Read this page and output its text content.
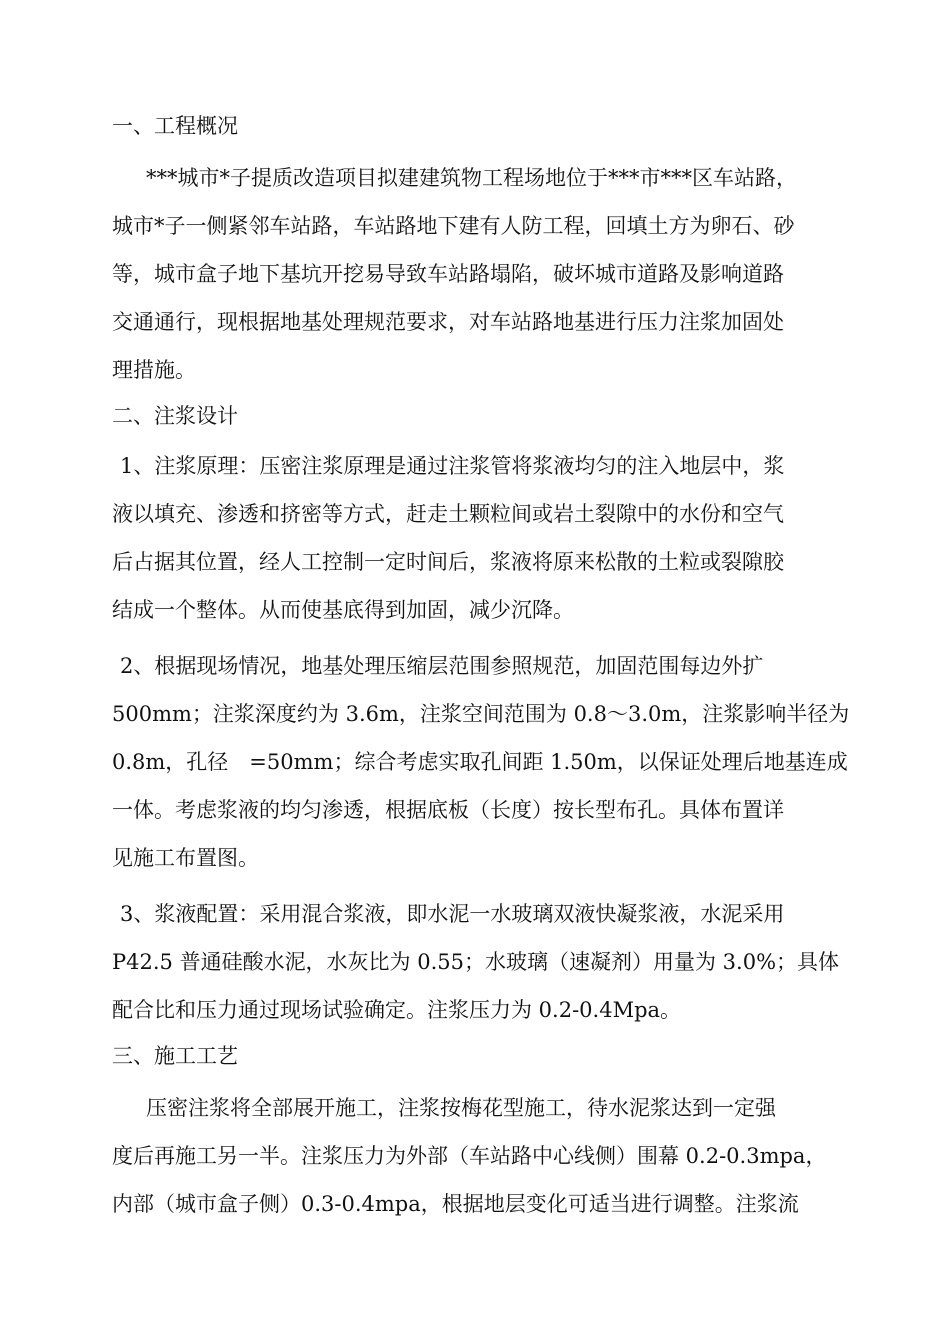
一、工程概况
***城市*子提质改造项目拟建建筑物工程场地位于***市***区车站路，
城市*子一侧紧邻车站路，车站路地下建有人防工程，回填土方为卵石、砂
等，城市盒子地下基坑开挖易导致车站路塌陷，破坏城市道路及影响道路
交通通行，现根据地基处理规范要求，对车站路地基进行压力注浆加固处
理措施。
二、注浆设计
1、注浆原理：压密注浆原理是通过注浆管将浆液均匀的注入地层中，浆
液以填充、渗透和挤密等方式，赶走土颗粒间或岩土裂隙中的水份和空气
后占据其位置，经人工控制一定时间后，浆液将原来松散的土粒或裂隙胶
结成一个整体。从而使基底得到加固，减少沉降。
2、根据现场情况，地基处理压缩层范围参照规范，加固范围每边外扩
500mm；注浆深度约为 3.6m，注浆空间范围为 0.8～3.0m，注浆影响半径为
0.8m，孔径　=50mm；综合考虑实取孔间距 1.50m，以保证处理后地基连成
一体。考虑浆液的均匀渗透，根据底板（长度）按长型布孔。具体布置详
见施工布置图。
3、浆液配置：采用混合浆液，即水泥一水玻璃双液快凝浆液，水泥采用
P42.5 普通硅酸水泥，水灰比为 0.55；水玻璃（速凝剂）用量为 3.0%；具体
配合比和压力通过现场试验确定。注浆压力为 0.2-0.4Mpa。
三、施工工艺
压密注浆将全部展开施工，注浆按梅花型施工，待水泥浆达到一定强
度后再施工另一半。注浆压力为外部（车站路中心线侧）围幕 0.2-0.3mpa，
内部（城市盒子侧）0.3-0.4mpa，根据地层变化可适当进行调整。注浆流
